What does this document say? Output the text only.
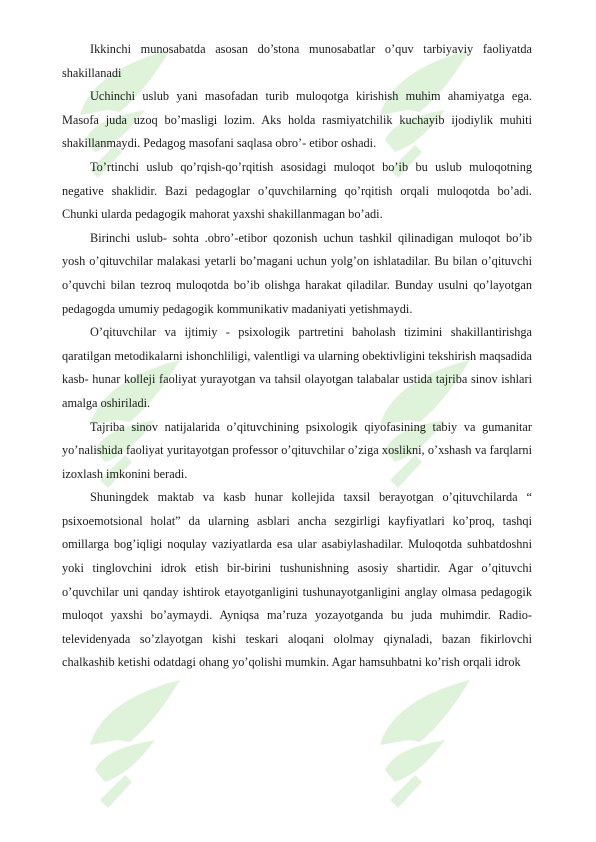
Ikkinchi munosabatda asosan do’stona munosabatlar o’quv tarbiyaviy faoliyatda shakillanadi

Uchinchi uslub yani masofadan turib muloqotga kirishish muhim ahamiyatga ega. Masofa juda uzoq bo’masligi lozim. Aks holda rasmiyatchilik kuchayib ijodiylik muhiti shakillanmaydi. Pedagog masofani saqlasa obro’- etibor oshadi.

To’rtinchi uslub qo’rqish-qo’rqitish asosidagi muloqot bo’ib bu uslub muloqotning negative shaklidir. Bazi pedagoglar o’quvchilarning qo’rqitish orqali muloqotda bo’adi. Chunki ularda pedagogik mahorat yaxshi shakillanmagan bo’adi.

Birinchi uslub- sohta .obro’-etibor qozonish uchun tashkil qilinadigan muloqot bo’ib yosh o’qituvchilar malakasi yetarli bo’magani uchun yolg’on ishlatadilar. Bu bilan o’qituvchi o’quvchi bilan tezroq muloqotda bo’ib olishga harakat qiladilar. Bunday usulni qo’layotgan pedagogda umumiy pedagogik kommunikativ madaniyati yetishmaydi.

O’qituvchilar va ijtimiy - psixologik partretini baholash tizimini shakillantirishga qaratilgan metodikalarni ishonchliligi, valentligi va ularning obektivligini tekshirish maqsadida kasb- hunar kolleji faoliyat yurayotgan va tahsil olayotgan talabalar ustida tajriba sinov ishlari amalga oshiriladi.

Tajriba sinov natijalarida o’qituvchining psixologik qiyofasining tabiy va gumanitar yo’nalishida faoliyat yuritayotgan professor o’qituvchilar o’ziga xoslikni, o’xshash va farqlarni izoxlash imkonini beradi.

Shuningdek maktab va kasb hunar kollejida taxsil berayotgan o’qituvchilarda “ psixoemotsional holat” da ularning asblari ancha sezgirligi kayfiyatlari ko’proq, tashqi omillarga bog’iqligi noqulay vaziyatlarda esa ular asabiylashadilar. Muloqotda suhbatdoshni yoki tinglovchini idrok etish bir-birini tushunishning asosiy shartidir. Agar o’qituvchi o’quvchilar uni qanday ishtirok etayotganligini tushunayotganligini anglay olmasa pedagogik muloqot yaxshi bo’aymaydi. Ayniqsa ma’ruza yozayotganda bu juda muhimdir. Radio-televidenyada so’zlayotgan kishi teskari aloqani ololmay qiynaladi, bazan fikirlovchi chalkashib ketishi odatdagi ohang yo’qolishi mumkin. Agar hamsuhbatni ko’rish orqali idrok
